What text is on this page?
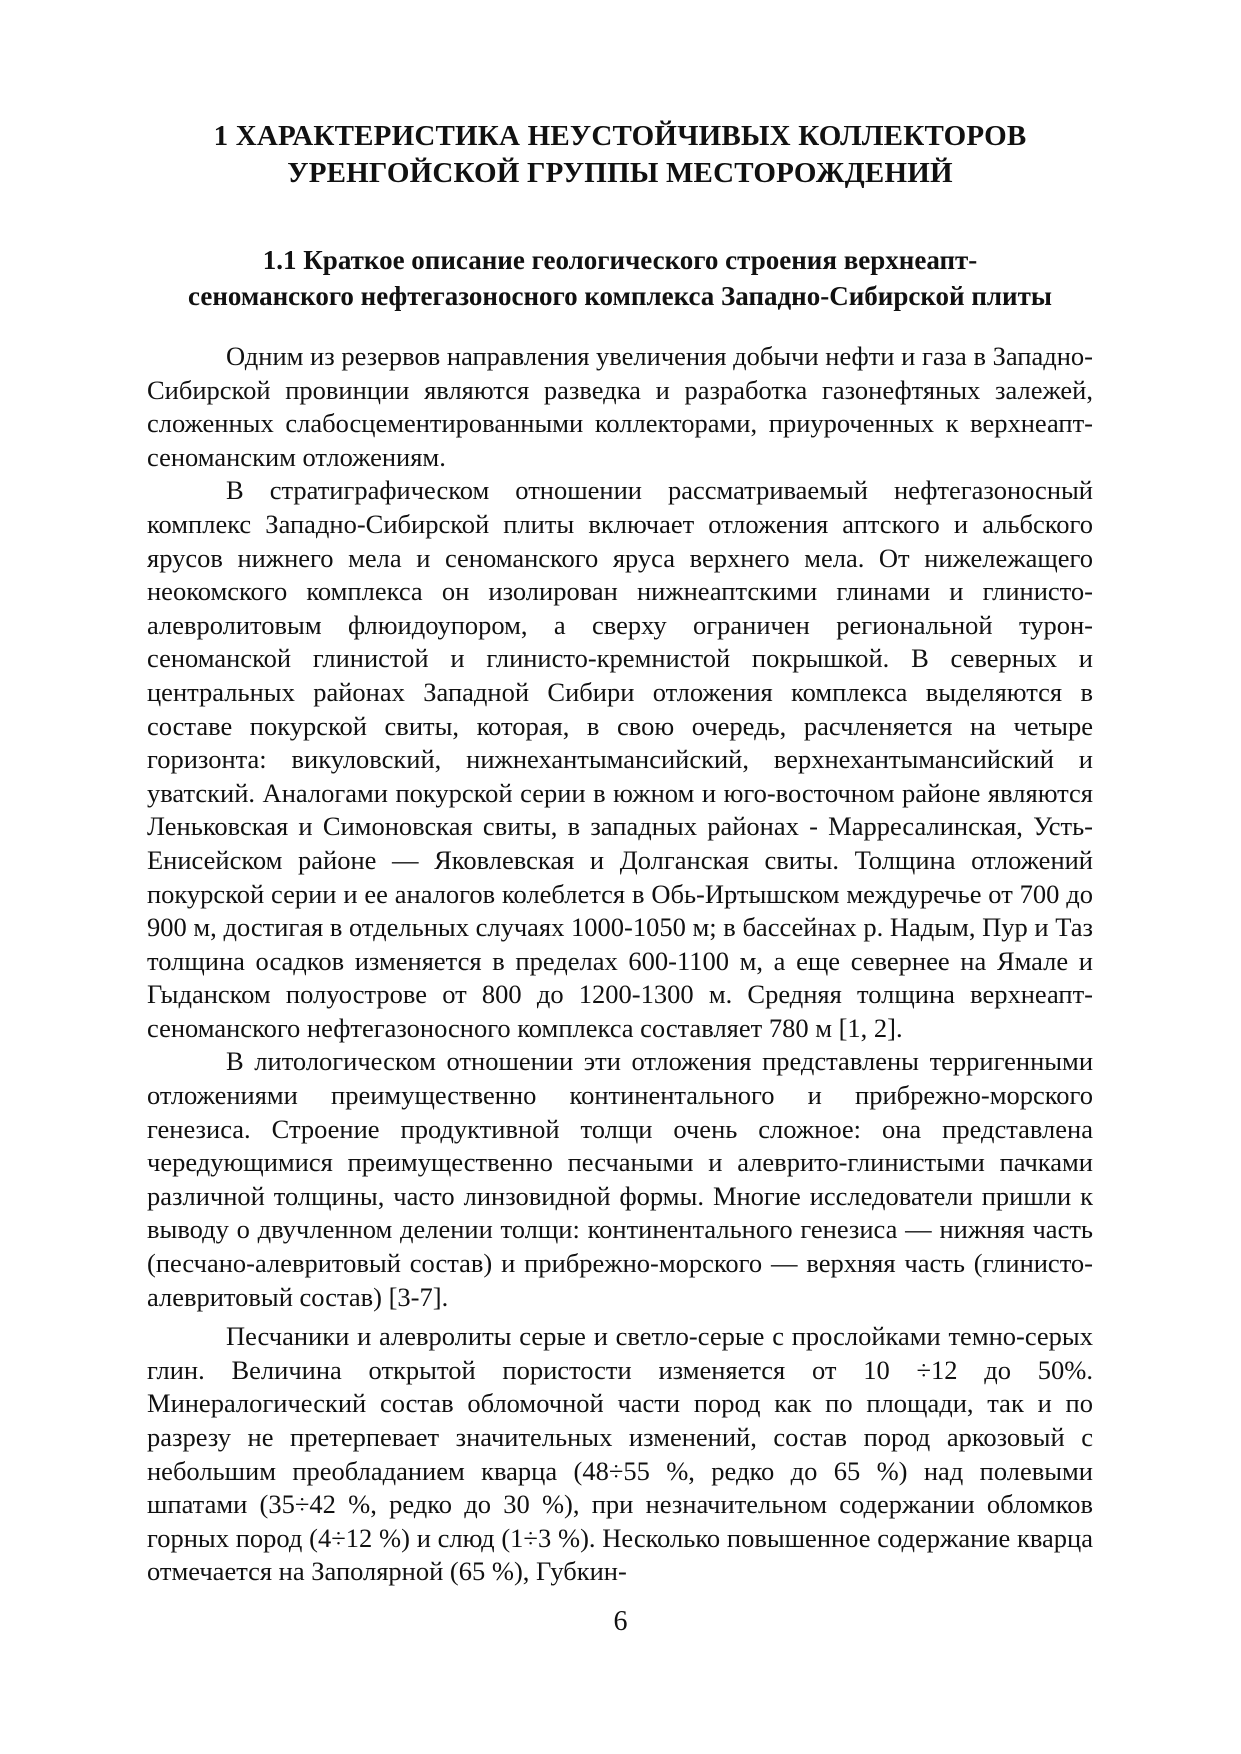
1 ХАРАКТЕРИСТИКА НЕУСТОЙЧИВЫХ КОЛЛЕКТОРОВ
УРЕНГОЙСКОЙ ГРУППЫ МЕСТОРОЖДЕНИЙ
1.1 Краткое описание геологического строения верхнеапт-
сеноманского нефтегазоносного комплекса Западно-Сибирской плиты

Одним из резервов направления увеличения добычи нефти и газа в Западно-Сибирской провинции являются разведка и разработка газонефтяных залежей, сложенных слабосцементированными коллекторами, приуроченных к верхнеапт-сеноманским отложениям.

В стратиграфическом отношении рассматриваемый нефтегазоносный комплекс Западно-Сибирской плиты включает отложения аптского и альбского ярусов нижнего мела и сеноманского яруса верхнего мела. От нижележащего неокомского комплекса он изолирован нижнеаптскими глинами и глинисто-алевролитовым флюидоупором, а сверху ограничен региональной турон-сеноманской глинистой и глинисто-кремнистой покрышкой. В северных и центральных районах Западной Сибири отложения комплекса выделяются в составе покурской свиты, которая, в свою очередь, расчленяется на четыре горизонта: викуловский, нижнехантымансийский, верхнехантымансийский и уватский. Аналогами покурской серии в южном и юго-восточном районе являются Леньковская и Симоновская свиты, в западных районах - Марресалинская, Усть-Енисейском районе — Яковлевская и Долганская свиты. Толщина отложений покурской серии и ее аналогов колеблется в Обь-Иртышском междуречье от 700 до 900 м, достигая в отдельных случаях 1000-1050 м; в бассейнах р. Надым, Пур и Таз толщина осадков изменяется в пределах 600-1100 м, а еще севернее на Ямале и Гыданском полуострове от 800 до 1200-1300 м. Средняя толщина верхнеапт-сеноманского нефтегазоносного комплекса составляет 780 м [1, 2].

В литологическом отношении эти отложения представлены терригенными отложениями преимущественно континентального и прибрежно-морского генезиса. Строение продуктивной толщи очень сложное: она представлена чередующимися преимущественно песчаными и алеврито-глинистыми пачками различной толщины, часто линзовидной формы. Многие исследователи пришли к выводу о двучленном делении толщи: континентального генезиса — нижняя часть (песчано-алевритовый состав) и прибрежно-морского — верхняя часть (глинисто-алевритовый состав) [3-7].

Песчаники и алевролиты серые и светло-серые с прослойками темно-серых глин. Величина открытой пористости изменяется от 10 ÷12 до 50%. Минералогический состав обломочной части пород как по площади, так и по разрезу не претерпевает значительных изменений, состав пород аркозовый с небольшим преобладанием кварца (48÷55 %, редко до 65 %) над полевыми шпатами (35÷42 %, редко до 30 %), при незначительном содержании обломков горных пород (4÷12 %) и слюд (1÷3 %). Несколько повышенное содержание кварца отмечается на Заполярной (65 %), Губкин-

6
